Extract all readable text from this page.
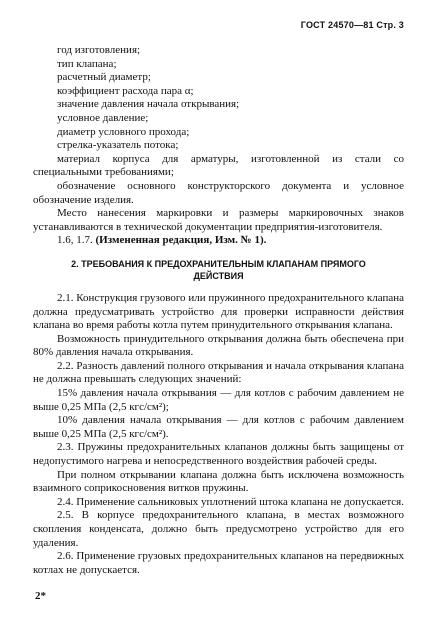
ГОСТ 24570—81 Стр. 3

год изготовления;

тип клапана;

расчетный диаметр;

коэффициент расхода пара α;

значение давления начала открывания;

условное давление;

диаметр условного прохода;

стрелка-указатель потока;

материал корпуса для арматуры, изготовленной из стали со специальными требованиями;

обозначение основного конструкторского документа и условное обозначение изделия.

Место нанесения маркировки и размеры маркировочных знаков устанавливаются в технической документации предприятия-изготовителя.

1.6, 1.7. (Измененная редакция, Изм. № 1).

2. ТРЕБОВАНИЯ К ПРЕДОХРАНИТЕЛЬНЫМ КЛАПАНАМ ПРЯМОГО ДЕЙСТВИЯ

2.1. Конструкция грузового или пружинного предохранительного клапана должна предусматривать устройство для проверки исправности действия клапана во время работы котла путем принудительного открывания клапана.

Возможность принудительного открывания должна быть обеспечена при 80% давления начала открывания.

2.2. Разность давлений полного открывания и начала открывания клапана не должна превышать следующих значений:

15% давления начала открывания — для котлов с рабочим давлением не выше 0,25 МПа (2,5 кгс/см²);

10% давления начала открывания — для котлов с рабочим давлением выше 0,25 МПа (2,5 кгс/см²).

2.3. Пружины предохранительных клапанов должны быть защищены от недопустимого нагрева и непосредственного воздействия рабочей среды.

При полном открывании клапана должна быть исключена возможность взаимного соприкосновения витков пружины.

2.4. Применение сальниковых уплотнений штока клапана не допускается.

2.5. В корпусе предохранительного клапана, в местах возможного скопления конденсата, должно быть предусмотрено устройство для его удаления.

2.6. Применение грузовых предохранительных клапанов на передвижных котлах не допускается.

2*
